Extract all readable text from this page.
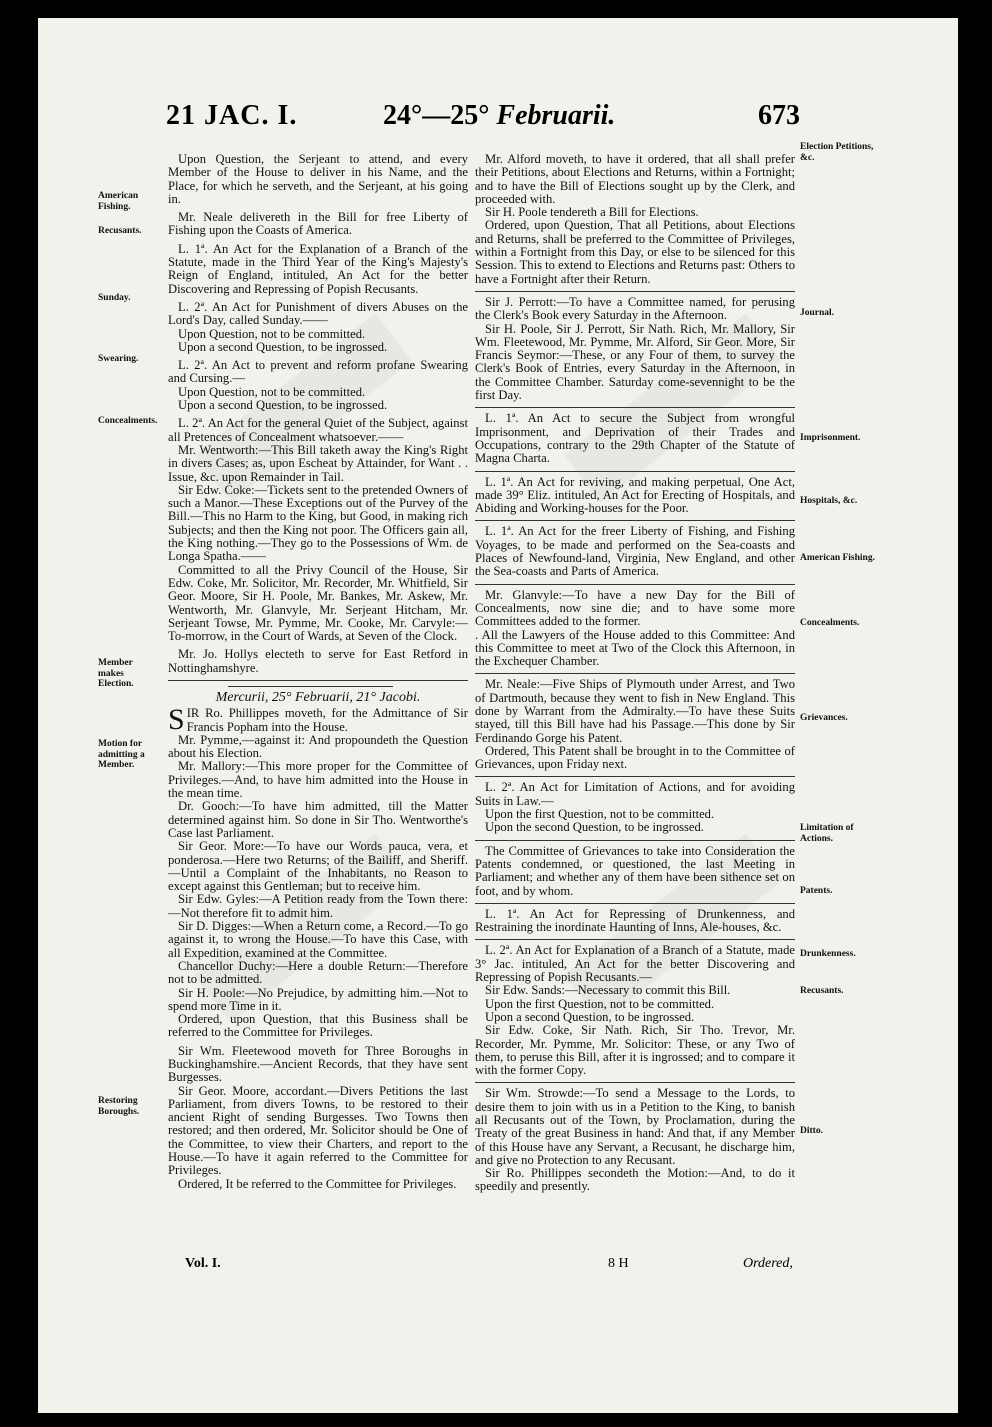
21 JAC. I.	24°—25° Februarii.	673
American Fishing.
Recusants.
Sunday.
Swearing.
Concealments.
Member makes Election.
Motion for admitting a Member.
Restoring Boroughs.
Election Petitions, &c.
Journal.
Imprisonment.
Hospitals, &c.
American Fishing.
Concealments.
Grievances.
Limitation of Actions.
Patents.
Drunkenness.
Recusants.
Ditto.

Upon Question, the Serjeant to attend, and every Member of the House to deliver in his Name, and the Place, for which he serveth, and the Serjeant, at his going in.

Mr. Neale delivereth in the Bill for free Liberty of Fishing upon the Coasts of America.

L. 1ª. An Act for the Explanation of a Branch of the Statute, made in the Third Year of the King's Majesty's Reign of England, intituled, An Act for the better Discovering and Repressing of Popish Recusants.

L. 2ª. An Act for Punishment of divers Abuses on the Lord's Day, called Sunday.——

Upon Question, not to be committed.

Upon a second Question, to be ingrossed.

L. 2ª. An Act to prevent and reform profane Swearing and Cursing.—

Upon Question, not to be committed.

Upon a second Question, to be ingrossed.

L. 2ª. An Act for the general Quiet of the Subject, against all Pretences of Concealment whatsoever.——

Mr. Wentworth:—This Bill taketh away the King's Right in divers Cases; as, upon Escheat by Attainder, for Want . . Issue, &c. upon Remainder in Tail.

Sir Edw. Coke:—Tickets sent to the pretended Owners of such a Manor.—These Exceptions out of the Purvey of the Bill.—This no Harm to the King, but Good, in making rich Subjects; and then the King not poor. The Officers gain all, the King nothing.—They go to the Possessions of Wm. de Longa Spatha.——

Committed to all the Privy Council of the House, Sir Edw. Coke, Mr. Solicitor, Mr. Recorder, Mr. Whitfield, Sir Geor. Moore, Sir H. Poole, Mr. Bankes, Mr. Askew, Mr. Wentworth, Mr. Glanvyle, Mr. Serjeant Hitcham, Mr. Serjeant Towse, Mr. Pymme, Mr. Cooke, Mr. Carvyle:—To-morrow, in the Court of Wards, at Seven of the Clock.

Mr. Jo. Hollys electeth to serve for East Retford in Nottinghamshyre.

Mercurii, 25° Februarii, 21° Jacobi.

SIR Ro. Phillippes moveth, for the Admittance of Sir Francis Popham into the House.

Mr. Pymme,—against it: And propoundeth the Question about his Election.

Mr. Mallory:—This more proper for the Committee of Privileges.—And, to have him admitted into the House in the mean time.

Dr. Gooch:—To have him admitted, till the Matter determined against him. So done in Sir Tho. Wentworthe's Case last Parliament.

Sir Geor. More:—To have our Words pauca, vera, et ponderosa.—Here two Returns; of the Bailiff, and Sheriff.—Until a Complaint of the Inhabitants, no Reason to except against this Gentleman; but to receive him.

Sir Edw. Gyles:—A Petition ready from the Town there:—Not therefore fit to admit him.

Sir D. Digges:—When a Return come, a Record.—To go against it, to wrong the House.—To have this Case, with all Expedition, examined at the Committee.

Chancellor Duchy:—Here a double Return:—Therefore not to be admitted.

Sir H. Poole:—No Prejudice, by admitting him.—Not to spend more Time in it.

Ordered, upon Question, that this Business shall be referred to the Committee for Privileges.

Sir Wm. Fleetewood moveth for Three Boroughs in Buckinghamshire.—Ancient Records, that they have sent Burgesses.

Sir Geor. Moore, accordant.—Divers Petitions the last Parliament, from divers Towns, to be restored to their ancient Right of sending Burgesses. Two Towns then restored; and then ordered, Mr. Solicitor should be One of the Committee, to view their Charters, and report to the House.—To have it again referred to the Committee for Privileges.

Ordered, It be referred to the Committee for Privileges.

Mr. Alford moveth, to have it ordered, that all shall prefer their Petitions, about Elections and Returns, within a Fortnight; and to have the Bill of Elections sought up by the Clerk, and proceeded with.

Sir H. Poole tendereth a Bill for Elections.

Ordered, upon Question, That all Petitions, about Elections and Returns, shall be preferred to the Committee of Privileges, within a Fortnight from this Day, or else to be silenced for this Session. This to extend to Elections and Returns past: Others to have a Fortnight after their Return.

Sir J. Perrott:—To have a Committee named, for perusing the Clerk's Book every Saturday in the Afternoon.

Sir H. Poole, Sir J. Perrott, Sir Nath. Rich, Mr. Mallory, Sir Wm. Fleetewood, Mr. Pymme, Mr. Alford, Sir Geor. More, Sir Francis Seymor:—These, or any Four of them, to survey the Clerk's Book of Entries, every Saturday in the Afternoon, in the Committee Chamber. Saturday come-sevennight to be the first Day.

L. 1ª. An Act to secure the Subject from wrongful Imprisonment, and Deprivation of their Trades and Occupations, contrary to the 29th Chapter of the Statute of Magna Charta.

L. 1ª. An Act for reviving, and making perpetual, One Act, made 39° Eliz. intituled, An Act for Erecting of Hospitals, and Abiding and Working-houses for the Poor.

L. 1ª. An Act for the freer Liberty of Fishing, and Fishing Voyages, to be made and performed on the Sea-coasts and Places of Newfound-land, Virginia, New England, and other the Sea-coasts and Parts of America.

Mr. Glanvyle:—To have a new Day for the Bill of Concealments, now sine die; and to have some more Committees added to the former.

. All the Lawyers of the House added to this Committee: And this Committee to meet at Two of the Clock this Afternoon, in the Exchequer Chamber.

Mr. Neale:—Five Ships of Plymouth under Arrest, and Two of Dartmouth, because they went to fish in New England. This done by Warrant from the Admiralty.—To have these Suits stayed, till this Bill have had his Passage.—This done by Sir Ferdinando Gorge his Patent.

Ordered, This Patent shall be brought in to the Committee of Grievances, upon Friday next.

L. 2ª. An Act for Limitation of Actions, and for avoiding Suits in Law.—

Upon the first Question, not to be committed.

Upon the second Question, to be ingrossed.

The Committee of Grievances to take into Consideration the Patents condemned, or questioned, the last Meeting in Parliament; and whether any of them have been sithence set on foot, and by whom.

L. 1ª. An Act for Repressing of Drunkenness, and Restraining the inordinate Haunting of Inns, Ale-houses, &c.

L. 2ª. An Act for Explanation of a Branch of a Statute, made 3° Jac. intituled, An Act for the better Discovering and Repressing of Popish Recusants.—

Sir Edw. Sands:—Necessary to commit this Bill.

Upon the first Question, not to be committed.

Upon a second Question, to be ingrossed.

Sir Edw. Coke, Sir Nath. Rich, Sir Tho. Trevor, Mr. Recorder, Mr. Pymme, Mr. Solicitor: These, or any Two of them, to peruse this Bill, after it is ingrossed; and to compare it with the former Copy.

Sir Wm. Strowde:—To send a Message to the Lords, to desire them to join with us in a Petition to the King, to banish all Recusants out of the Town, by Proclamation, during the Treaty of the great Business in hand: And that, if any Member of this House have any Servant, a Recusant, he discharge him, and give no Protection to any Recusant.

Sir Ro. Phillippes secondeth the Motion:—And, to do it speedily and presently.

Vol. I.	8 H	Ordered,
